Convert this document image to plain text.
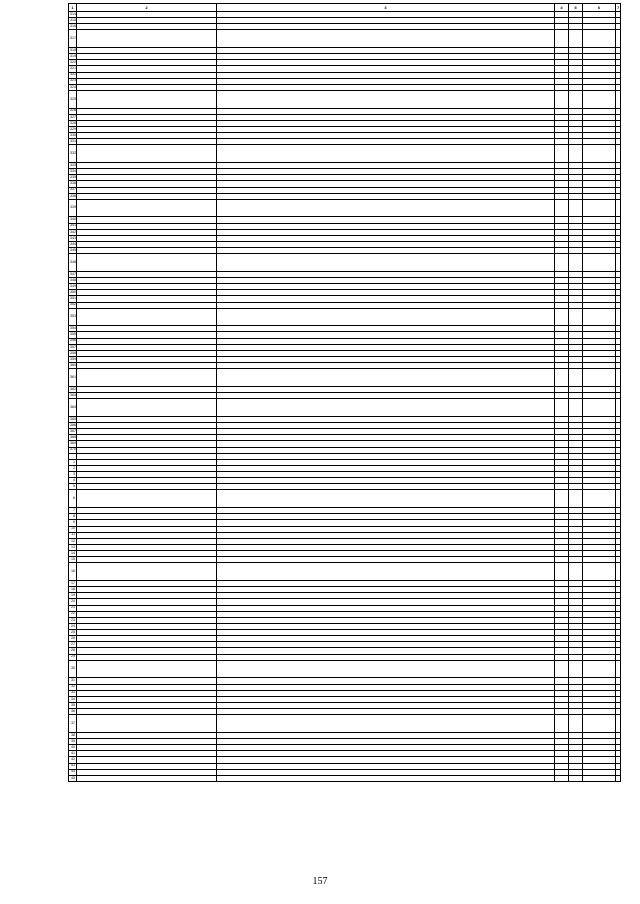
1	2	3	4	5	6	7
314						
315						
316						
317						
318						
319						
320						
321						
322						
323						
324						
325						
326						
327						
328						
329						
330						
331						
332						
333						
334						
335						
336						
337						
338						
339						
340						
341						
342						
343						
344						
345						
346						
347						
348						
349						
350						
351						
352						
353						
354						
355						
356						
357						
358						
359						
360						
361						
362						
363						
364						
365						
366						
367						
368						
369						
370						

1						
2						
3						
4						
5						
6						
7						
8						
9						
10						
11						
12						
13						
14						
15						
16						
17						
18						
19						
20						
21						
22						
23						
24						
25						
26						
27						
28						
29						
30						
31						
32						
33						
34						
35						
36						
37						
38						
39						
40						
41						
42						
43						
44						
45						
157
